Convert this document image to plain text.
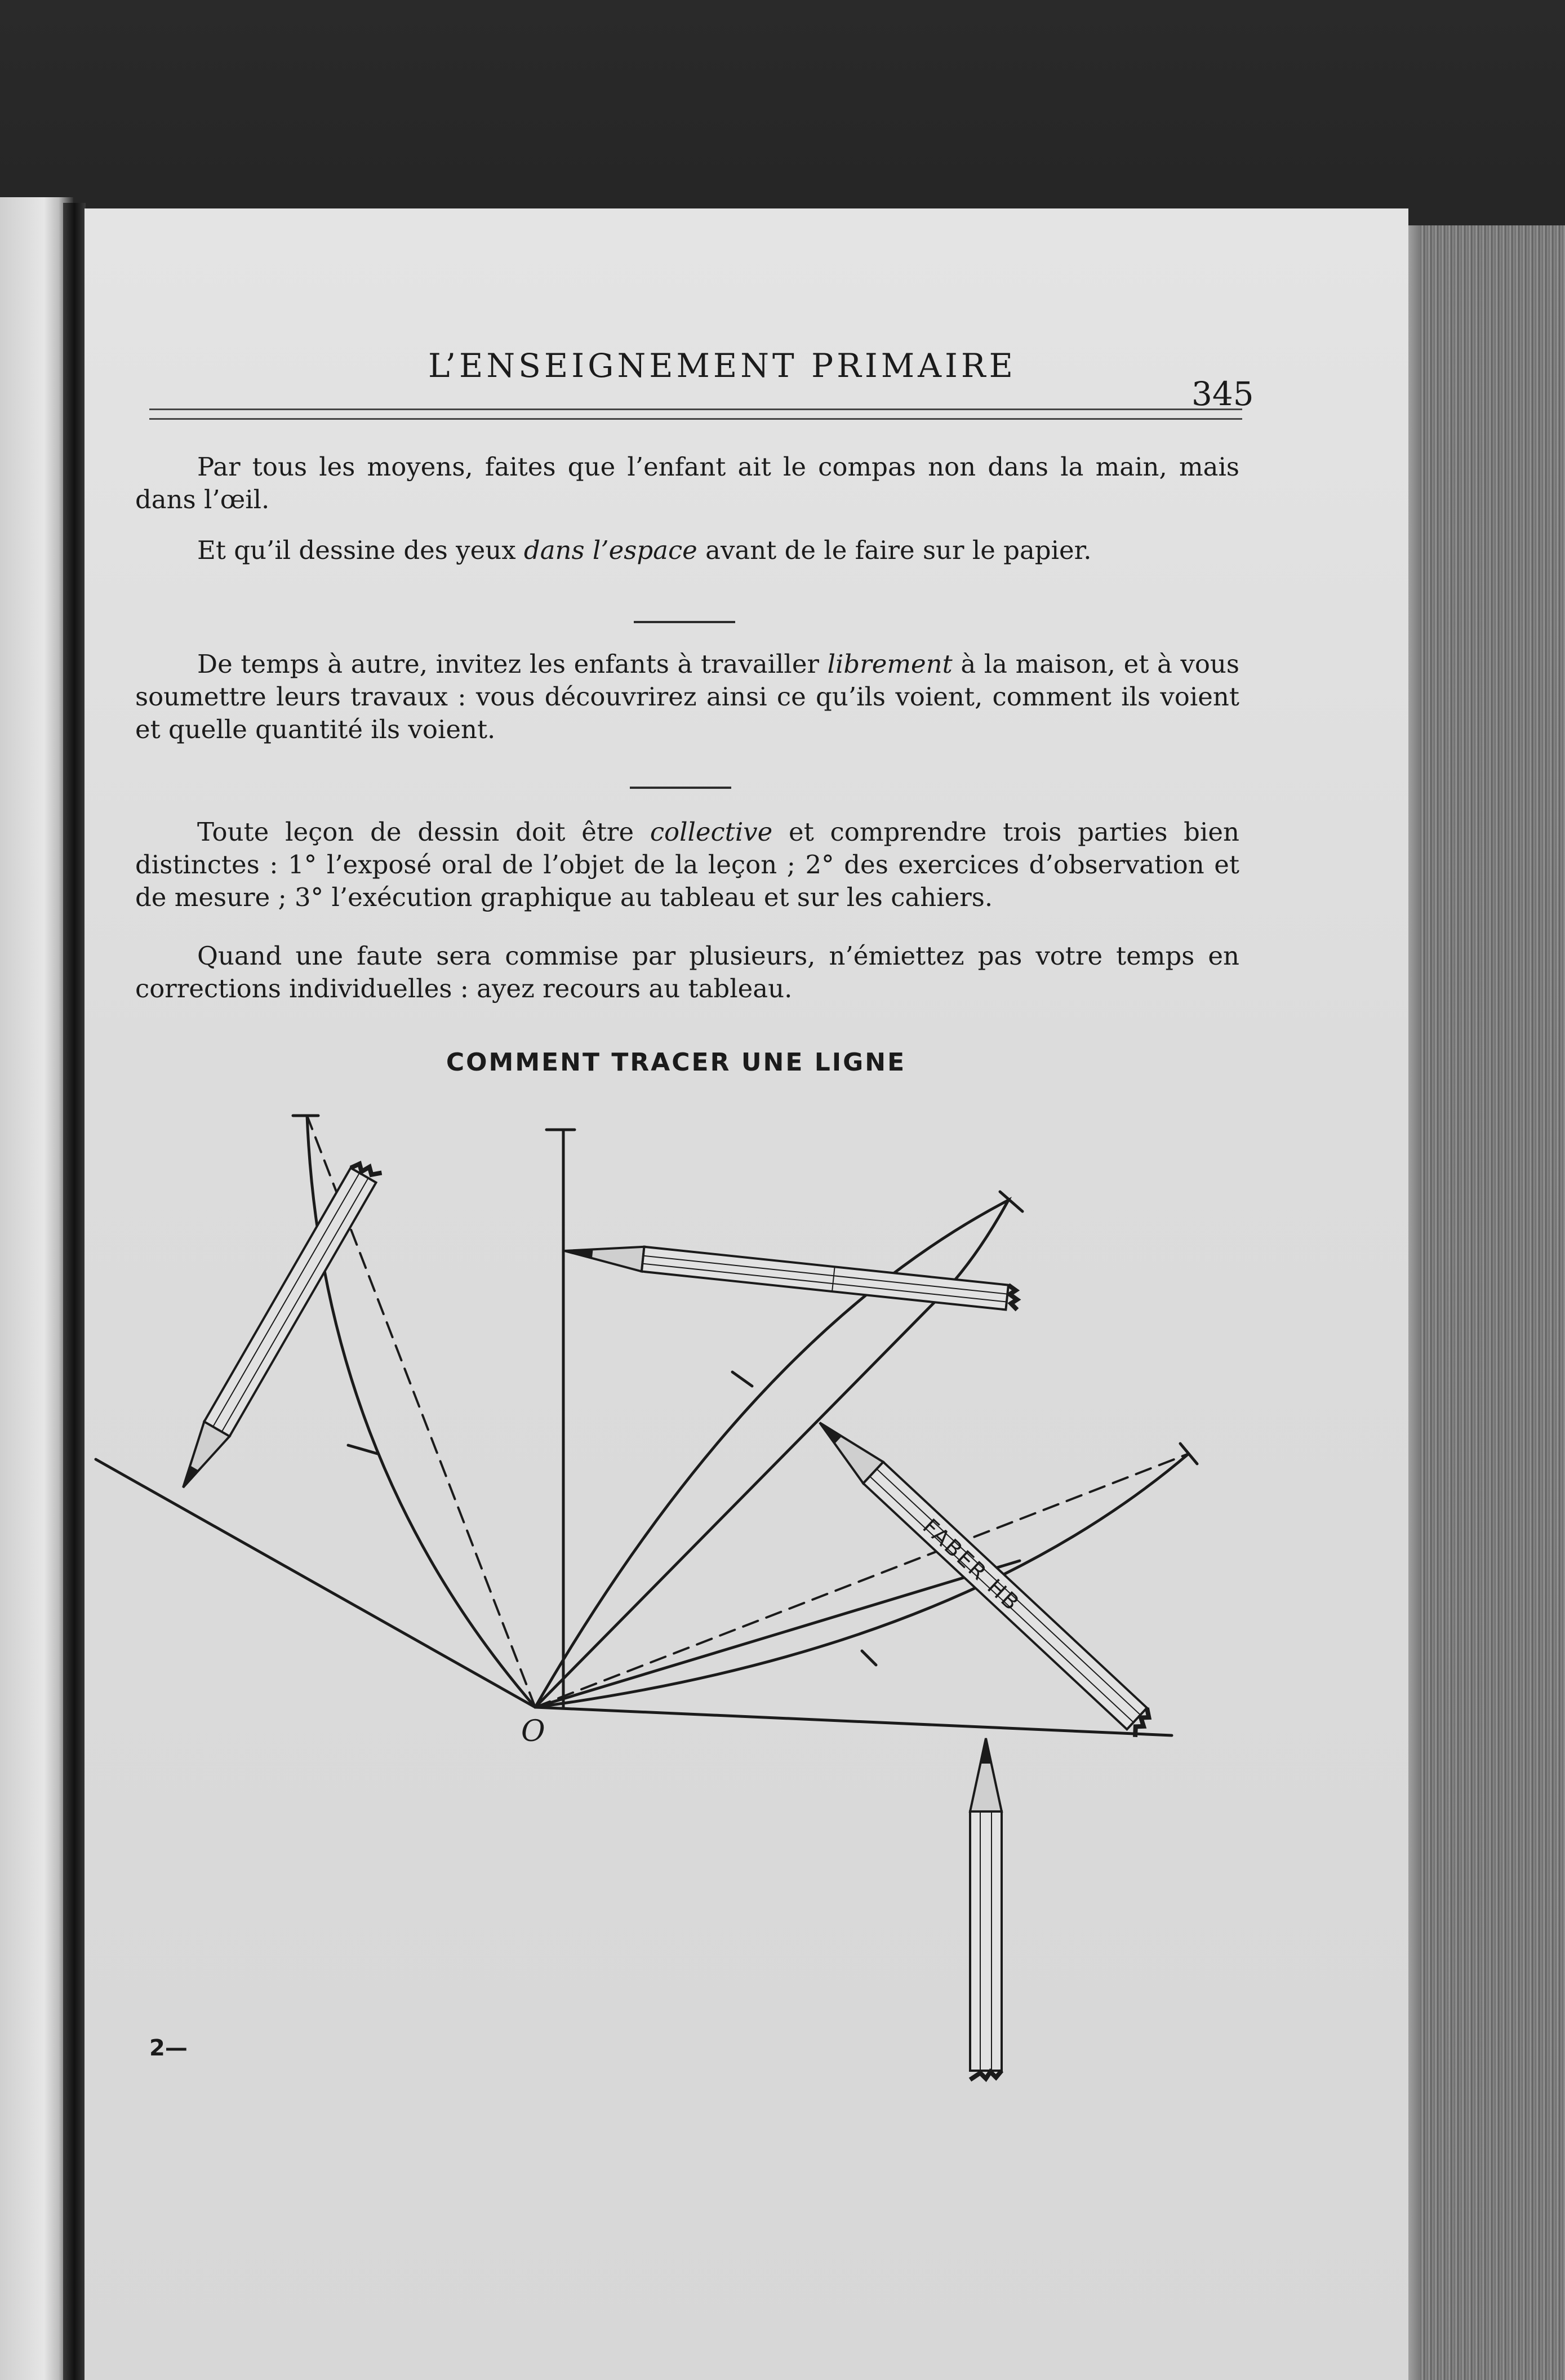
L’ENSEIGNEMENT PRIMAIRE
345

Par tous les moyens, faites que l’enfant ait le compas non dans la main, mais dans l’œil.

Et qu’il dessine des yeux dans l’espace avant de le faire sur le papier.

De temps à autre, invitez les enfants à travailler librement à la maison, et à vous soumettre leurs travaux : vous découvrirez ainsi ce qu’ils voient, comment ils voient et quelle quantité ils voient.

Toute leçon de dessin doit être collective et comprendre trois parties bien distinctes : 1° l’exposé oral de l’objet de la leçon ; 2° des exercices d’observation et de mesure ; 3° l’exécution graphique au tableau et sur les cahiers.

Quand une faute sera commise par plusieurs, n’émiettez pas votre temps en corrections individuelles : ayez recours au tableau.

COMMENT TRACER UNE LIGNE
FABER HB
O
2—
